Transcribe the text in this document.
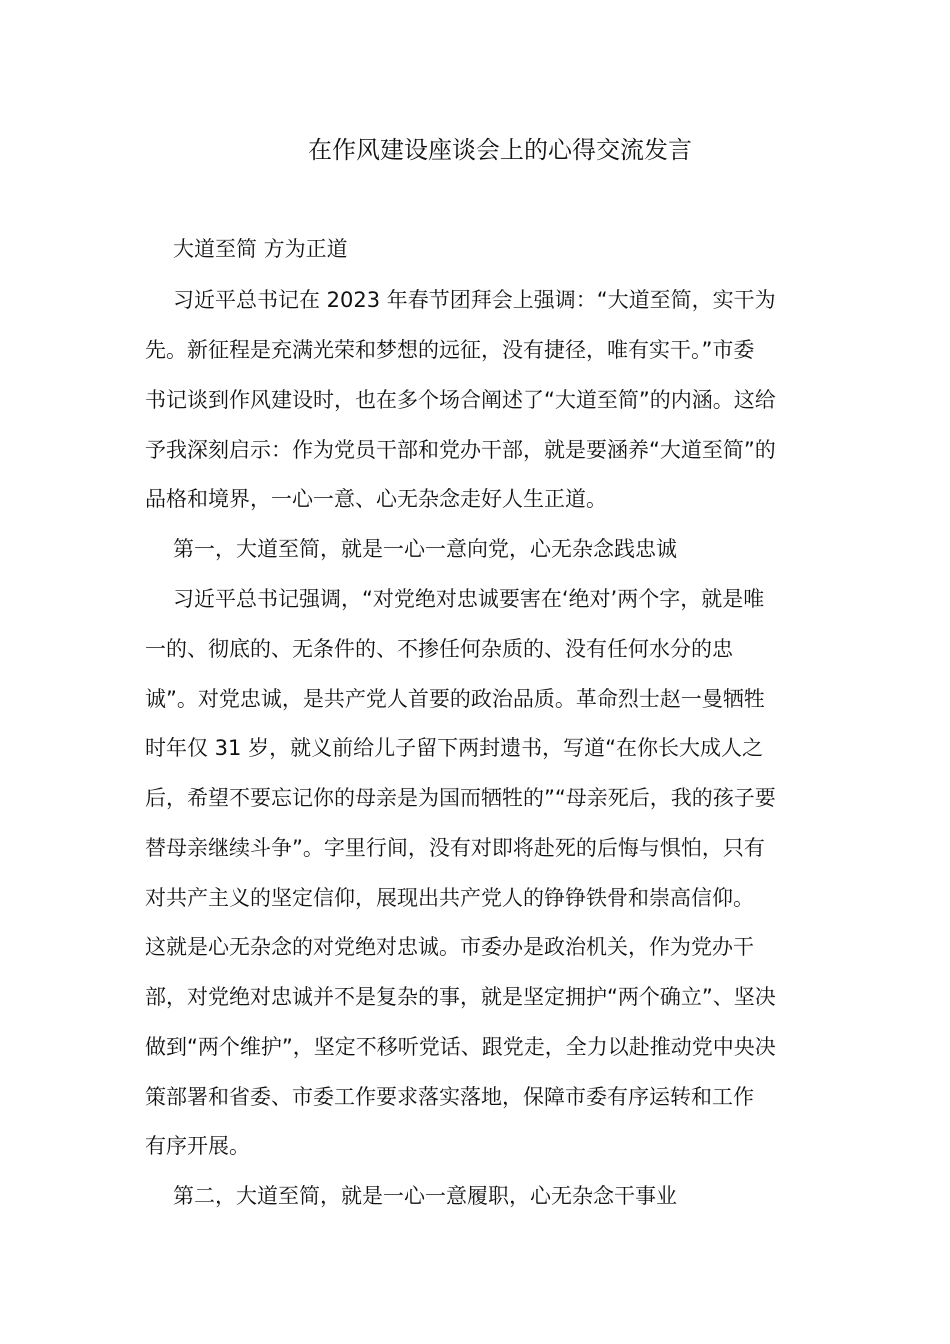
在作风建设座谈会上的心得交流发言

大道至简 方为正道

习近平总书记在 2023 年春节团拜会上强调：“大道至简，实干为

先。新征程是充满光荣和梦想的远征，没有捷径，唯有实干。”市委

书记谈到作风建设时，也在多个场合阐述了“大道至简”的内涵。这给

予我深刻启示：作为党员干部和党办干部，就是要涵养“大道至简”的

品格和境界，一心一意、心无杂念走好人生正道。

第一，大道至简，就是一心一意向党，心无杂念践忠诚

习近平总书记强调，“对党绝对忠诚要害在‘绝对’两个字，就是唯

一的、彻底的、无条件的、不掺任何杂质的、没有任何水分的忠

诚”。对党忠诚，是共产党人首要的政治品质。革命烈士赵一曼牺牲

时年仅 31 岁，就义前给儿子留下两封遗书，写道“在你长大成人之

后，希望不要忘记你的母亲是为国而牺牲的”“母亲死后，我的孩子要

替母亲继续斗争”。字里行间，没有对即将赴死的后悔与惧怕，只有

对共产主义的坚定信仰，展现出共产党人的铮铮铁骨和崇高信仰。

这就是心无杂念的对党绝对忠诚。市委办是政治机关，作为党办干

部，对党绝对忠诚并不是复杂的事，就是坚定拥护“两个确立”、坚决

做到“两个维护”，坚定不移听党话、跟党走，全力以赴推动党中央决

策部署和省委、市委工作要求落实落地，保障市委有序运转和工作

有序开展。

第二，大道至简，就是一心一意履职，心无杂念干事业
